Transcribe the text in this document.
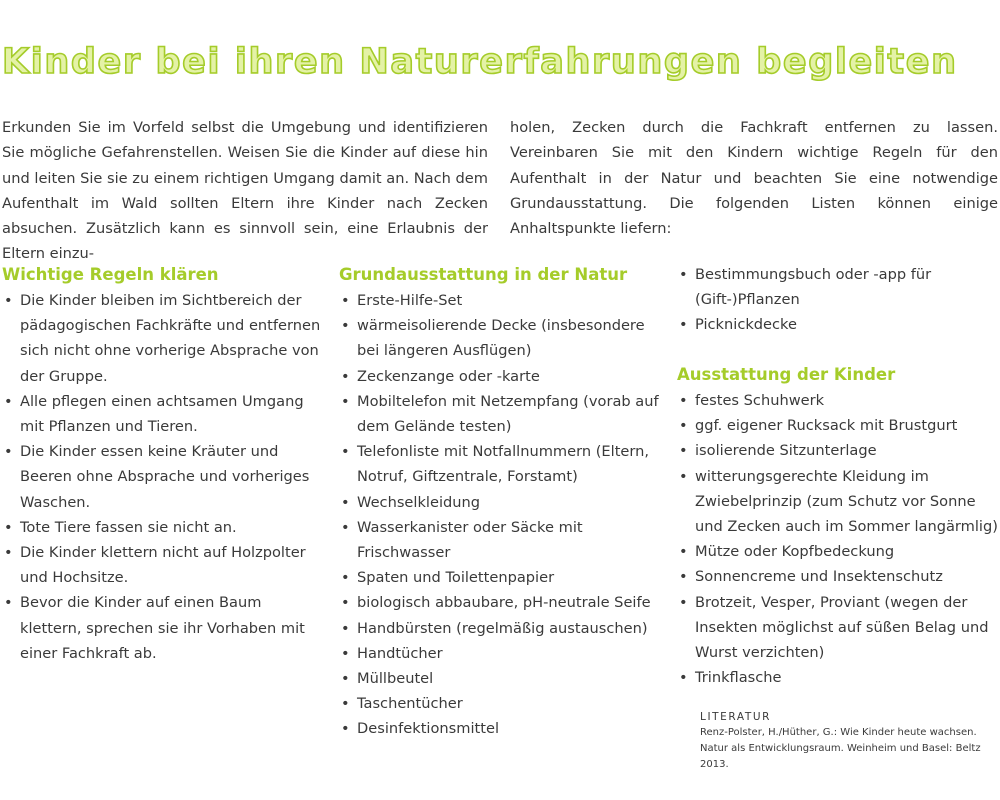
Kinder bei ihren Naturerfahrungen begleiten

Erkunden Sie im Vorfeld selbst die Umgebung und identifizieren Sie mögliche Gefahrenstellen. Weisen Sie die Kinder auf diese hin und leiten Sie sie zu einem richtigen Umgang damit an. Nach dem Aufenthalt im Wald sollten Eltern ihre Kinder nach Zecken absuchen. Zusätzlich kann es sinnvoll sein, eine Erlaubnis der Eltern einzu-

holen, Zecken durch die Fachkraft entfernen zu lassen. Vereinbaren Sie mit den Kindern wichtige Regeln für den Aufenthalt in der Natur und beachten Sie eine notwendige Grundausstattung. Die folgenden Listen können einige Anhaltspunkte liefern:

Wichtige Regeln klären
• Die Kinder bleiben im Sichtbereich der pädagogischen Fachkräfte und entfernen sich nicht ohne vorherige Absprache von der Gruppe.
• Alle pflegen einen achtsamen Umgang mit Pflanzen und Tieren.
• Die Kinder essen keine Kräuter und Beeren ohne Absprache und vorheriges Waschen.
• Tote Tiere fassen sie nicht an.
• Die Kinder klettern nicht auf Holzpolter und Hochsitze.
• Bevor die Kinder auf einen Baum klettern, sprechen sie ihr Vorhaben mit einer Fachkraft ab.
Grundausstattung in der Natur
• Erste-Hilfe-Set
• wärmeisolierende Decke (insbesondere bei längeren Ausflügen)
• Zeckenzange oder -karte
• Mobiltelefon mit Netzempfang (vorab auf dem Gelände testen)
• Telefonliste mit Notfallnummern (Eltern, Notruf, Giftzentrale, Forstamt)
• Wechselkleidung
• Wasserkanister oder Säcke mit Frischwasser
• Spaten und Toilettenpapier
• biologisch abbaubare, pH-neutrale Seife
• Handbürsten (regelmäßig austauschen)
• Handtücher
• Müllbeutel
• Taschentücher
• Desinfektionsmittel
• Bestimmungsbuch oder -app für (Gift-)Pflanzen
• Picknickdecke
Ausstattung der Kinder
• festes Schuhwerk
• ggf. eigener Rucksack mit Brustgurt
• isolierende Sitzunterlage
• witterungsgerechte Kleidung im Zwiebelprinzip (zum Schutz vor Sonne und Zecken auch im Sommer langärmlig)
• Mütze oder Kopfbedeckung
• Sonnencreme und Insektenschutz
• Brotzeit, Vesper, Proviant (wegen der Insekten möglichst auf süßen Belag und Wurst verzichten)
• Trinkflasche

LITERATUR

Renz-Polster, H./Hüther, G.: Wie Kinder heute wachsen. Natur als Entwicklungsraum. Weinheim und Basel: Beltz 2013.
